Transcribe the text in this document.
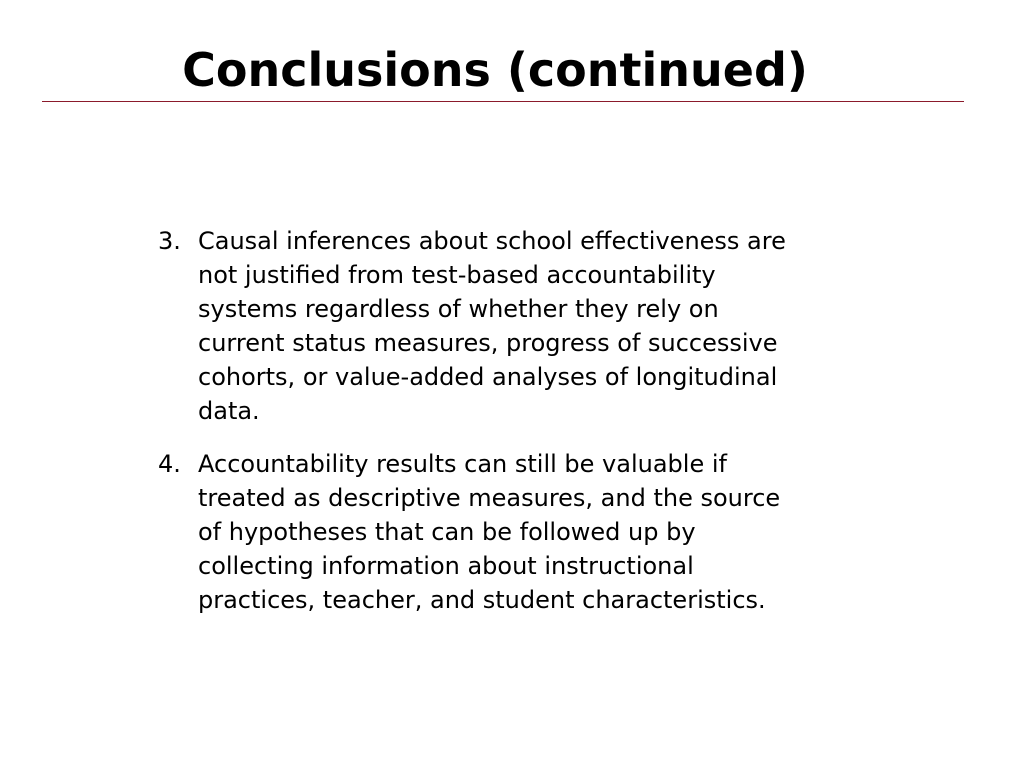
Conclusions (continued)
3. Causal inferences about school effectiveness are
not justified from test-based accountability
systems regardless of whether they rely on
current status measures, progress of successive
cohorts, or value-added analyses of longitudinal
data.
4. Accountability results can still be valuable if
treated as descriptive measures, and the source
of hypotheses that can be followed up by
collecting information about instructional
practices, teacher, and student characteristics.
